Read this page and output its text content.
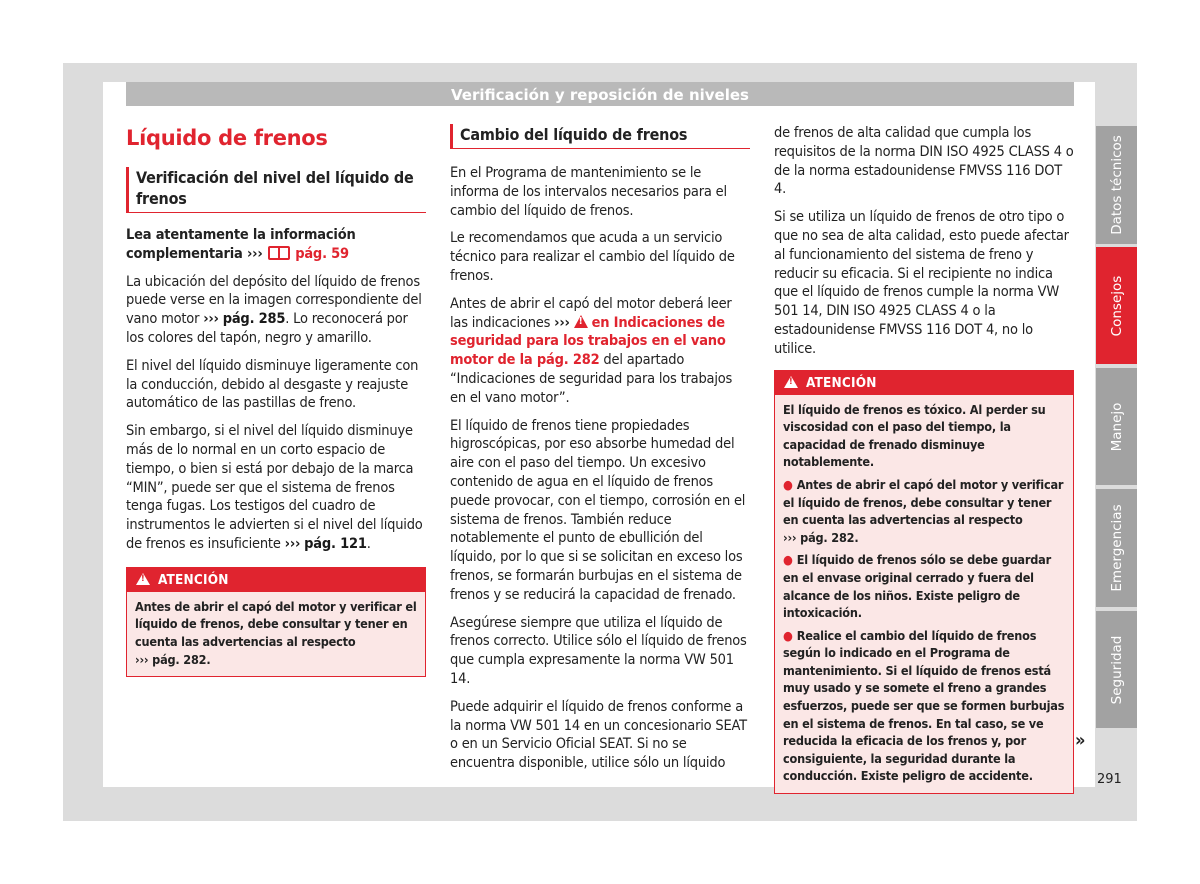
Verificación y reposición de niveles
Líquido de frenos
Verificación del nivel del líquido de frenos

Lea atentamente la información complementaria ››› pág. 59

La ubicación del depósito del líquido de frenos puede verse en la imagen correspondiente del vano motor ››› pág. 285. Lo reconocerá por los colores del tapón, negro y amarillo.

El nivel del líquido disminuye ligeramente con la conducción, debido al desgaste y reajuste automático de las pastillas de freno.

Sin embargo, si el nivel del líquido disminuye más de lo normal en un corto espacio de tiempo, o bien si está por debajo de la marca “MIN”, puede ser que el sistema de frenos tenga fugas. Los testigos del cuadro de instrumentos le advierten si el nivel del líquido de frenos es insuficiente ››› pág. 121.

!ATENCIÓN

Antes de abrir el capó del motor y verificar el líquido de frenos, debe consultar y tener en cuenta las advertencias al respecto
››› pág. 282.

Cambio del líquido de frenos

En el Programa de mantenimiento se le informa de los intervalos necesarios para el cambio del líquido de frenos.

Le recomendamos que acuda a un servicio técnico para realizar el cambio del líquido de frenos.

Antes de abrir el capó del motor deberá leer las indicaciones ››› ! en Indicaciones de seguridad para los trabajos en el vano motor de la pág. 282 del apartado “Indicaciones de seguridad para los trabajos en el vano motor”.

El líquido de frenos tiene propiedades higroscópicas, por eso absorbe humedad del aire con el paso del tiempo. Un excesivo contenido de agua en el líquido de frenos puede provocar, con el tiempo, corrosión en el sistema de frenos. También reduce notablemente el punto de ebullición del líquido, por lo que si se solicitan en exceso los frenos, se formarán burbujas en el sistema de frenos y se reducirá la capacidad de frenado.

Asegúrese siempre que utiliza el líquido de frenos correcto. Utilice sólo el líquido de frenos que cumpla expresamente la norma VW 501 14.

Puede adquirir el líquido de frenos conforme a la norma VW 501 14 en un concesionario SEAT o en un Servicio Oficial SEAT. Si no se encuentra disponible, utilice sólo un líquido

de frenos de alta calidad que cumpla los requisitos de la norma DIN ISO 4925 CLASS 4 o de la norma estadounidense FMVSS 116 DOT 4.

Si se utiliza un líquido de frenos de otro tipo o que no sea de alta calidad, esto puede afectar al funcionamiento del sistema de freno y reducir su eficacia. Si el recipiente no indica que el líquido de frenos cumple la norma VW 501 14, DIN ISO 4925 CLASS 4 o la estadounidense FMVSS 116 DOT 4, no lo utilice.

!ATENCIÓN

El líquido de frenos es tóxico. Al perder su viscosidad con el paso del tiempo, la capacidad de frenado disminuye notablemente.

● Antes de abrir el capó del motor y verificar el líquido de frenos, debe consultar y tener en cuenta las advertencias al respecto
››› pág. 282.

● El líquido de frenos sólo se debe guardar en el envase original cerrado y fuera del alcance de los niños. Existe peligro de intoxicación.

● Realice el cambio del líquido de frenos según lo indicado en el Programa de mantenimiento. Si el líquido de frenos está muy usado y se somete el freno a grandes esfuerzos, puede ser que se formen burbujas en el sistema de frenos. En tal caso, se ve reducida la eficacia de los frenos y, por consiguiente, la seguridad durante la conducción. Existe peligro de accidente.

»
Datos técnicos
Consejos
Manejo
Emergencias
Seguridad
291
